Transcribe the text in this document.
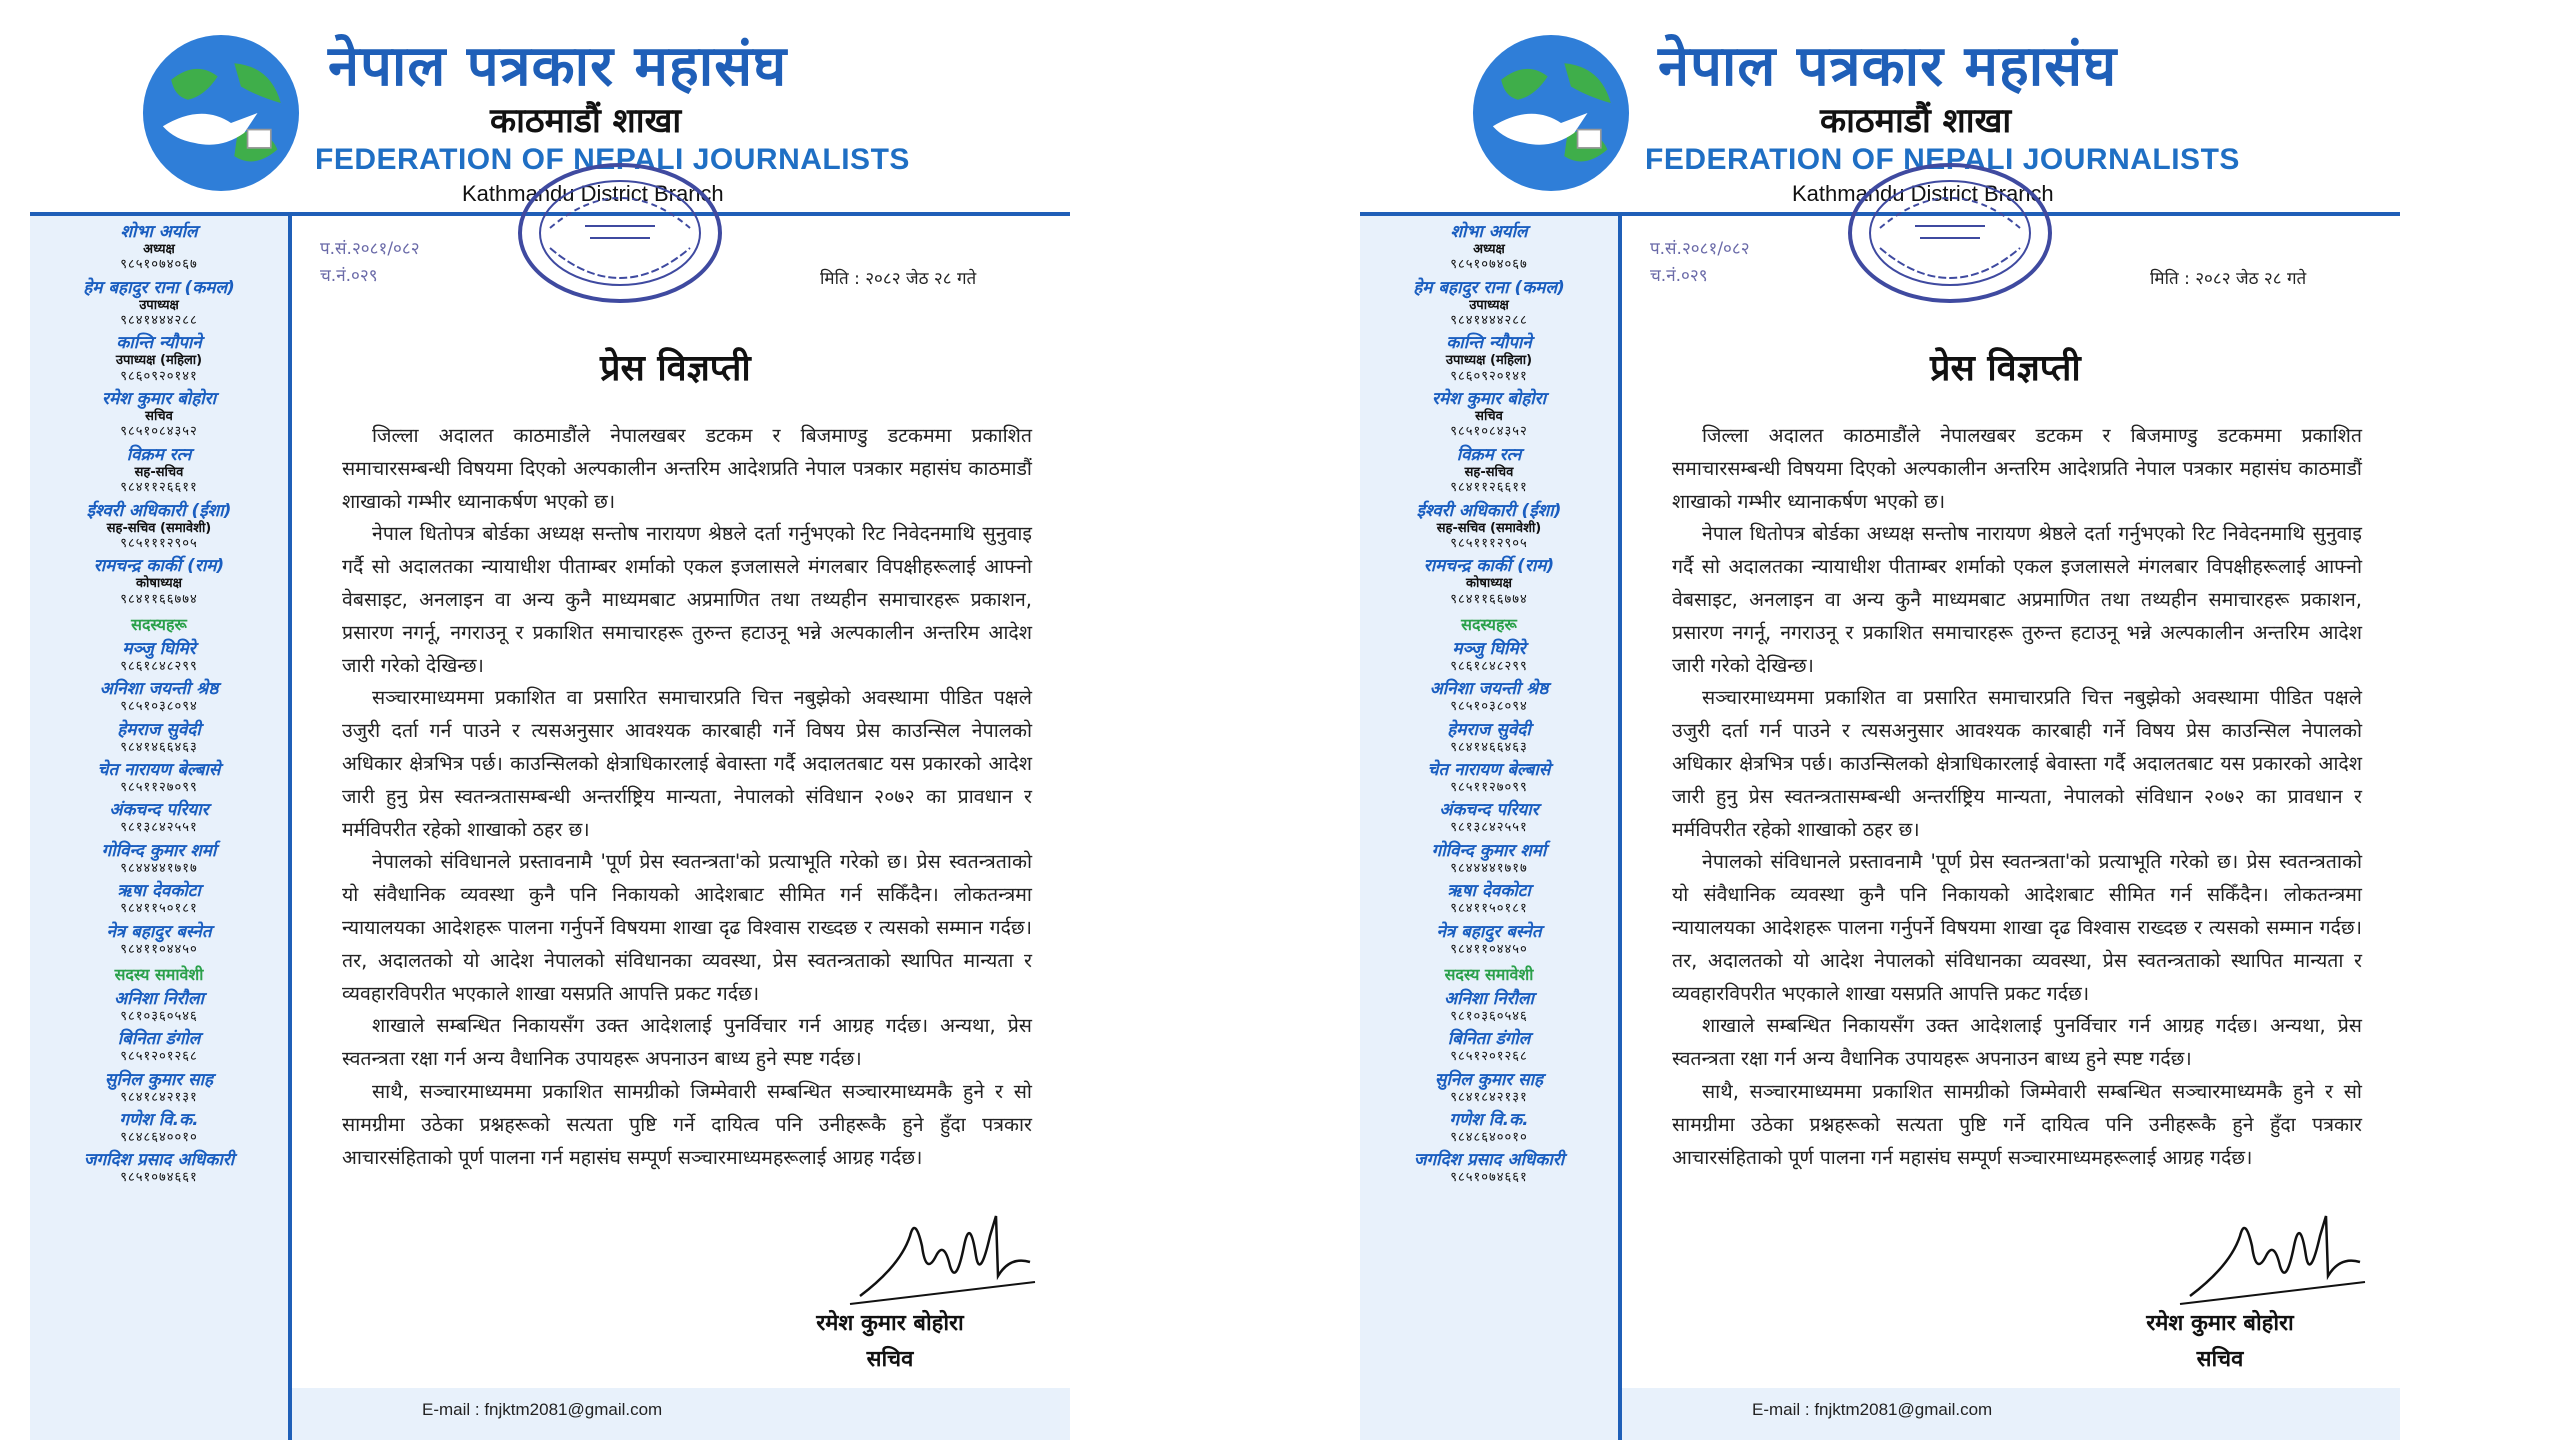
नेपाल पत्रकार महासंघ
काठमाडौं शाखा
FEDERATION OF NEPALI JOURNALISTS
Kathmandu District Branch
शोभा अर्याल
अध्यक्ष
९८५१०७४०६७
हेम बहादुर राना (कमल)
उपाध्यक्ष
९८४१४४४२८८
कान्ति न्यौपाने
उपाध्यक्ष (महिला)
९८६०९२०१४१
रमेश कुमार बोहोरा
सचिव
९८५१०८४३५२
विक्रम रत्न
सह-सचिव
९८४११२६६११
ईश्वरी अधिकारी (ईशा)
सह-सचिव (समावेशी)
९८५१११२९०५
रामचन्द्र कार्की (राम)
कोषाध्यक्ष
९८४११६६७७४
सदस्यहरू
मञ्जु घिमिरे
९८६१८४८२९९
अनिशा जयन्ती श्रेष्ठ
९८५१०३८०९४
हेमराज सुवेदी
९८४१४६६४६३
चेत नारायण बेल्बासे
९८५११२७०९९
अंकचन्द परियार
९८१३८४२५५१
गोविन्द कुमार शर्मा
९८४४४४१७१७
ऋषा देवकोटा
९८४११५०१८१
नेत्र बहादुर बस्नेत
९८४११०४४५०
सदस्य समावेशी
अनिशा निरौला
९८१०३६०५४६
बिनिता डंगोल
९८५१२०१२६८
सुनिल कुमार साह
९८४१८४२१३१
गणेश वि.क.
९८४८६४००१०
जगदिश प्रसाद अधिकारी
९८५१०७४६६१
प.सं.२०८१/०८२
च.नं.०२९	मिति : २०८२ जेठ २८ गते
प्रेस विज्ञप्ती

जिल्ला अदालत काठमाडौंले नेपालखबर डटकम र बिजमाण्डु डटकममा प्रकाशित समाचारसम्बन्धी विषयमा दिएको अल्पकालीन अन्तरिम आदेशप्रति नेपाल पत्रकार महासंघ काठमाडौं शाखाको गम्भीर ध्यानाकर्षण भएको छ।

नेपाल धितोपत्र बोर्डका अध्यक्ष सन्तोष नारायण श्रेष्ठले दर्ता गर्नुभएको रिट निवेदनमाथि सुनुवाइ गर्दै सो अदालतका न्यायाधीश पीताम्बर शर्माको एकल इजलासले मंगलबार विपक्षीहरूलाई आफ्नो वेबसाइट, अनलाइन वा अन्य कुनै माध्यमबाट अप्रमाणित तथा तथ्यहीन समाचारहरू प्रकाशन, प्रसारण नगर्नू, नगराउनू र प्रकाशित समाचारहरू तुरुन्त हटाउनू भन्ने अल्पकालीन अन्तरिम आदेश जारी गरेको देखिन्छ।

सञ्चारमाध्यममा प्रकाशित वा प्रसारित समाचारप्रति चित्त नबुझेको अवस्थामा पीडित पक्षले उजुरी दर्ता गर्न पाउने र त्यसअनुसार आवश्यक कारबाही गर्ने विषय प्रेस काउन्सिल नेपालको अधिकार क्षेत्रभित्र पर्छ। काउन्सिलको क्षेत्राधिकारलाई बेवास्ता गर्दै अदालतबाट यस प्रकारको आदेश जारी हुनु प्रेस स्वतन्त्रतासम्बन्धी अन्तर्राष्ट्रिय मान्यता, नेपालको संविधान २०७२ का प्रावधान र मर्मविपरीत रहेको शाखाको ठहर छ।

नेपालको संविधानले प्रस्तावनामै 'पूर्ण प्रेस स्वतन्त्रता'को प्रत्याभूति गरेको छ। प्रेस स्वतन्त्रताको यो संवैधानिक व्यवस्था कुनै पनि निकायको आदेशबाट सीमित गर्न सकिँदैन। लोकतन्त्रमा न्यायालयका आदेशहरू पालना गर्नुपर्ने विषयमा शाखा दृढ विश्वास राख्दछ र त्यसको सम्मान गर्दछ। तर, अदालतको यो आदेश नेपालको संविधानका व्यवस्था, प्रेस स्वतन्त्रताको स्थापित मान्यता र व्यवहारविपरीत भएकाले शाखा यसप्रति आपत्ति प्रकट गर्दछ।

शाखाले सम्बन्धित निकायसँग उक्त आदेशलाई पुनर्विचार गर्न आग्रह गर्दछ। अन्यथा, प्रेस स्वतन्त्रता रक्षा गर्न अन्य वैधानिक उपायहरू अपनाउन बाध्य हुने स्पष्ट गर्दछ।

साथै, सञ्चारमाध्यममा प्रकाशित सामग्रीको जिम्मेवारी सम्बन्धित सञ्चारमाध्यमकै हुने र सो सामग्रीमा उठेका प्रश्नहरूको सत्यता पुष्टि गर्ने दायित्व पनि उनीहरूकै हुने हुँदा पत्रकार आचारसंहिताको पूर्ण पालना गर्न महासंघ सम्पूर्ण सञ्चारमाध्यमहरूलाई आग्रह गर्दछ।

रमेश कुमार बोहोरा
सचिव
E-mail : fnjktm2081@gmail.com
नेपाल पत्रकार महासंघ
काठमाडौं शाखा
FEDERATION OF NEPALI JOURNALISTS
Kathmandu District Branch
शोभा अर्याल
अध्यक्ष
९८५१०७४०६७
हेम बहादुर राना (कमल)
उपाध्यक्ष
९८४१४४४२८८
कान्ति न्यौपाने
उपाध्यक्ष (महिला)
९८६०९२०१४१
रमेश कुमार बोहोरा
सचिव
९८५१०८४३५२
विक्रम रत्न
सह-सचिव
९८४११२६६११
ईश्वरी अधिकारी (ईशा)
सह-सचिव (समावेशी)
९८५१११२९०५
रामचन्द्र कार्की (राम)
कोषाध्यक्ष
९८४११६६७७४
सदस्यहरू
मञ्जु घिमिरे
९८६१८४८२९९
अनिशा जयन्ती श्रेष्ठ
९८५१०३८०९४
हेमराज सुवेदी
९८४१४६६४६३
चेत नारायण बेल्बासे
९८५११२७०९९
अंकचन्द परियार
९८१३८४२५५१
गोविन्द कुमार शर्मा
९८४४४४१७१७
ऋषा देवकोटा
९८४११५०१८१
नेत्र बहादुर बस्नेत
९८४११०४४५०
सदस्य समावेशी
अनिशा निरौला
९८१०३६०५४६
बिनिता डंगोल
९८५१२०१२६८
सुनिल कुमार साह
९८४१८४२१३१
गणेश वि.क.
९८४८६४००१०
जगदिश प्रसाद अधिकारी
९८५१०७४६६१
प.सं.२०८१/०८२
च.नं.०२९	मिति : २०८२ जेठ २८ गते
प्रेस विज्ञप्ती

जिल्ला अदालत काठमाडौंले नेपालखबर डटकम र बिजमाण्डु डटकममा प्रकाशित समाचारसम्बन्धी विषयमा दिएको अल्पकालीन अन्तरिम आदेशप्रति नेपाल पत्रकार महासंघ काठमाडौं शाखाको गम्भीर ध्यानाकर्षण भएको छ।

नेपाल धितोपत्र बोर्डका अध्यक्ष सन्तोष नारायण श्रेष्ठले दर्ता गर्नुभएको रिट निवेदनमाथि सुनुवाइ गर्दै सो अदालतका न्यायाधीश पीताम्बर शर्माको एकल इजलासले मंगलबार विपक्षीहरूलाई आफ्नो वेबसाइट, अनलाइन वा अन्य कुनै माध्यमबाट अप्रमाणित तथा तथ्यहीन समाचारहरू प्रकाशन, प्रसारण नगर्नू, नगराउनू र प्रकाशित समाचारहरू तुरुन्त हटाउनू भन्ने अल्पकालीन अन्तरिम आदेश जारी गरेको देखिन्छ।

सञ्चारमाध्यममा प्रकाशित वा प्रसारित समाचारप्रति चित्त नबुझेको अवस्थामा पीडित पक्षले उजुरी दर्ता गर्न पाउने र त्यसअनुसार आवश्यक कारबाही गर्ने विषय प्रेस काउन्सिल नेपालको अधिकार क्षेत्रभित्र पर्छ। काउन्सिलको क्षेत्राधिकारलाई बेवास्ता गर्दै अदालतबाट यस प्रकारको आदेश जारी हुनु प्रेस स्वतन्त्रतासम्बन्धी अन्तर्राष्ट्रिय मान्यता, नेपालको संविधान २०७२ का प्रावधान र मर्मविपरीत रहेको शाखाको ठहर छ।

नेपालको संविधानले प्रस्तावनामै 'पूर्ण प्रेस स्वतन्त्रता'को प्रत्याभूति गरेको छ। प्रेस स्वतन्त्रताको यो संवैधानिक व्यवस्था कुनै पनि निकायको आदेशबाट सीमित गर्न सकिँदैन। लोकतन्त्रमा न्यायालयका आदेशहरू पालना गर्नुपर्ने विषयमा शाखा दृढ विश्वास राख्दछ र त्यसको सम्मान गर्दछ। तर, अदालतको यो आदेश नेपालको संविधानका व्यवस्था, प्रेस स्वतन्त्रताको स्थापित मान्यता र व्यवहारविपरीत भएकाले शाखा यसप्रति आपत्ति प्रकट गर्दछ।

शाखाले सम्बन्धित निकायसँग उक्त आदेशलाई पुनर्विचार गर्न आग्रह गर्दछ। अन्यथा, प्रेस स्वतन्त्रता रक्षा गर्न अन्य वैधानिक उपायहरू अपनाउन बाध्य हुने स्पष्ट गर्दछ।

साथै, सञ्चारमाध्यममा प्रकाशित सामग्रीको जिम्मेवारी सम्बन्धित सञ्चारमाध्यमकै हुने र सो सामग्रीमा उठेका प्रश्नहरूको सत्यता पुष्टि गर्ने दायित्व पनि उनीहरूकै हुने हुँदा पत्रकार आचारसंहिताको पूर्ण पालना गर्न महासंघ सम्पूर्ण सञ्चारमाध्यमहरूलाई आग्रह गर्दछ।

रमेश कुमार बोहोरा
सचिव
E-mail : fnjktm2081@gmail.com
